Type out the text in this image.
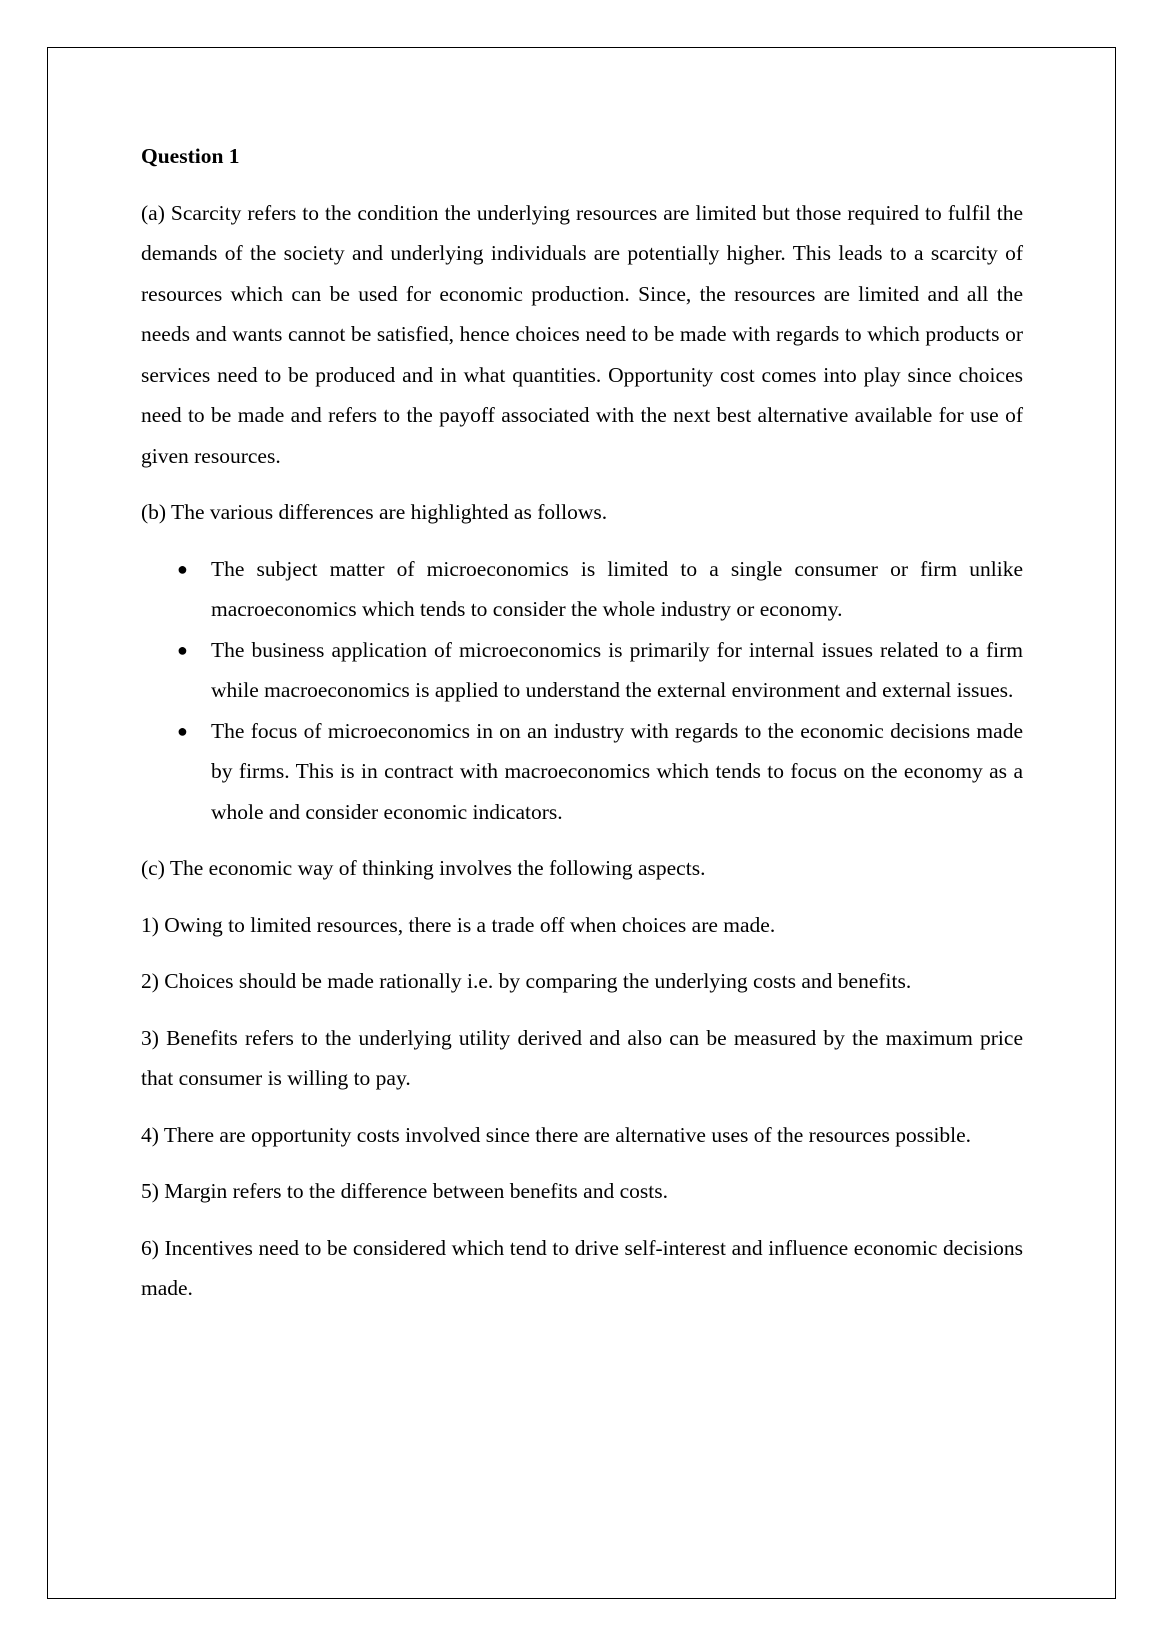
Question 1

(a) Scarcity refers to the condition the underlying resources are limited but those required to fulfil the demands of the society and underlying individuals are potentially higher. This leads to a scarcity of resources which can be used for economic production. Since, the resources are limited and all the needs and wants cannot be satisfied, hence choices need to be made with regards to which products or services need to be produced and in what quantities. Opportunity cost comes into play since choices need to be made and refers to the payoff associated with the next best alternative available for use of given resources.

(b) The various differences are highlighted as follows.

● The subject matter of microeconomics is limited to a single consumer or firm unlike macroeconomics which tends to consider the whole industry or economy.
● The business application of microeconomics is primarily for internal issues related to a firm while macroeconomics is applied to understand the external environment and external issues.
● The focus of microeconomics in on an industry with regards to the economic decisions made by firms. This is in contract with macroeconomics which tends to focus on the economy as a whole and consider economic indicators.

(c) The economic way of thinking involves the following aspects.

1) Owing to limited resources, there is a trade off when choices are made.

2) Choices should be made rationally i.e. by comparing the underlying costs and benefits.

3) Benefits refers to the underlying utility derived and also can be measured by the maximum price that consumer is willing to pay.

4) There are opportunity costs involved since there are alternative uses of the resources possible.

5) Margin refers to the difference between benefits and costs.

6) Incentives need to be considered which tend to drive self-interest and influence economic decisions made.
